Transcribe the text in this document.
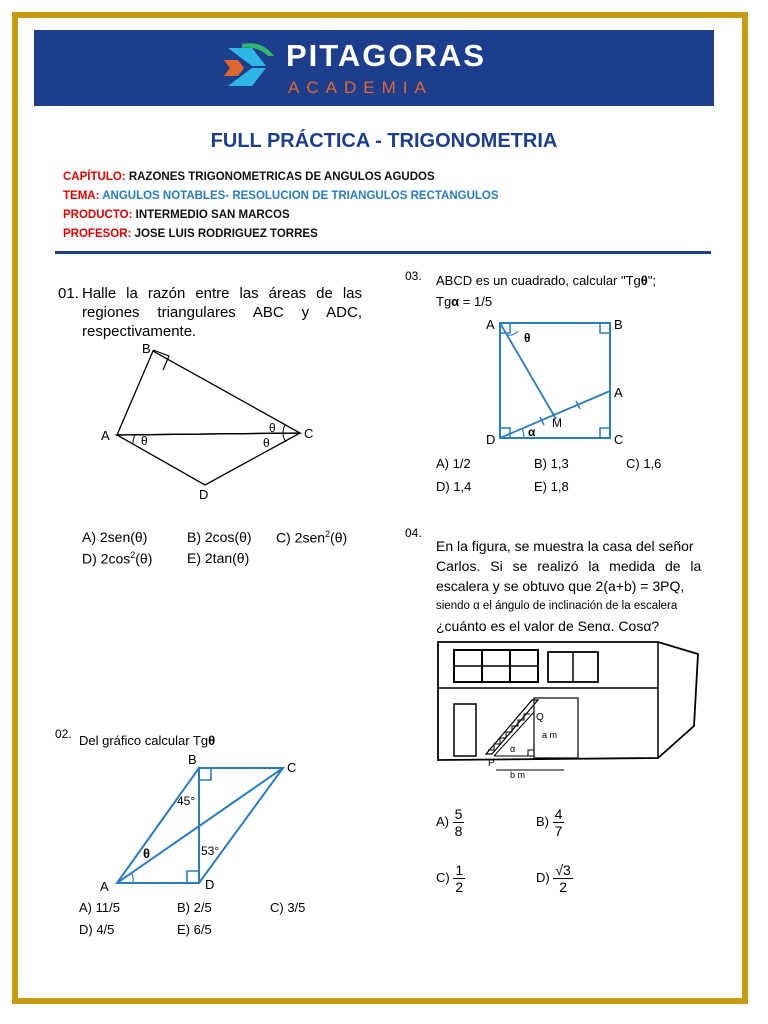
PITAGORAS
ACADEMIA
FULL PRÁCTICA - TRIGONOMETRIA
CAPÍTULO: RAZONES TRIGONOMETRICAS DE ANGULOS AGUDOS
TEMA: ANGULOS NOTABLES- RESOLUCION DE TRIANGULOS RECTANGULOS
PRODUCTO: INTERMEDIO SAN MARCOS
PROFESOR: JOSE LUIS RODRIGUEZ TORRES
01. Halle la razón entre las áreas de las regiones triangulares ABC y ADC, respectivamente.
θ
θ
θ
A
B
C
D
A) 2sen(θ)	B) 2cos(θ) C) 2sen$^2$(θ)
D) $2\cos^2(\theta)$ E) 2tan(θ)
02. Del gráfico calcular Tgθ
A
B
C
D
45°
53°
θ
A) 11/5	B) 2/5	C) 3/5
D) 4/5	E) 6/5
03. ABCD es un cuadrado, calcular "Tgθ";
Tgα = 1/5
A	B
A
C
D
M
θ
α
A) 1/2	B) 1,3	C) 1,6
D) 1,4	E) 1,8
04.
En la figura, se muestra la casa del señor
Carlos. Si se realizó la medida de la
escalera y se obtuvo que 2(a+b) = 3PQ,
siendo α el ángulo de inclinación de la escalera
¿cuánto es el valor de Senα. Cosα?
P
Q
a m
b m
α
$A) \frac{5}{8}$	$B) \frac{4}{7}$
$C) \frac{1}{2}$	$D) \frac{√3}{2}$
